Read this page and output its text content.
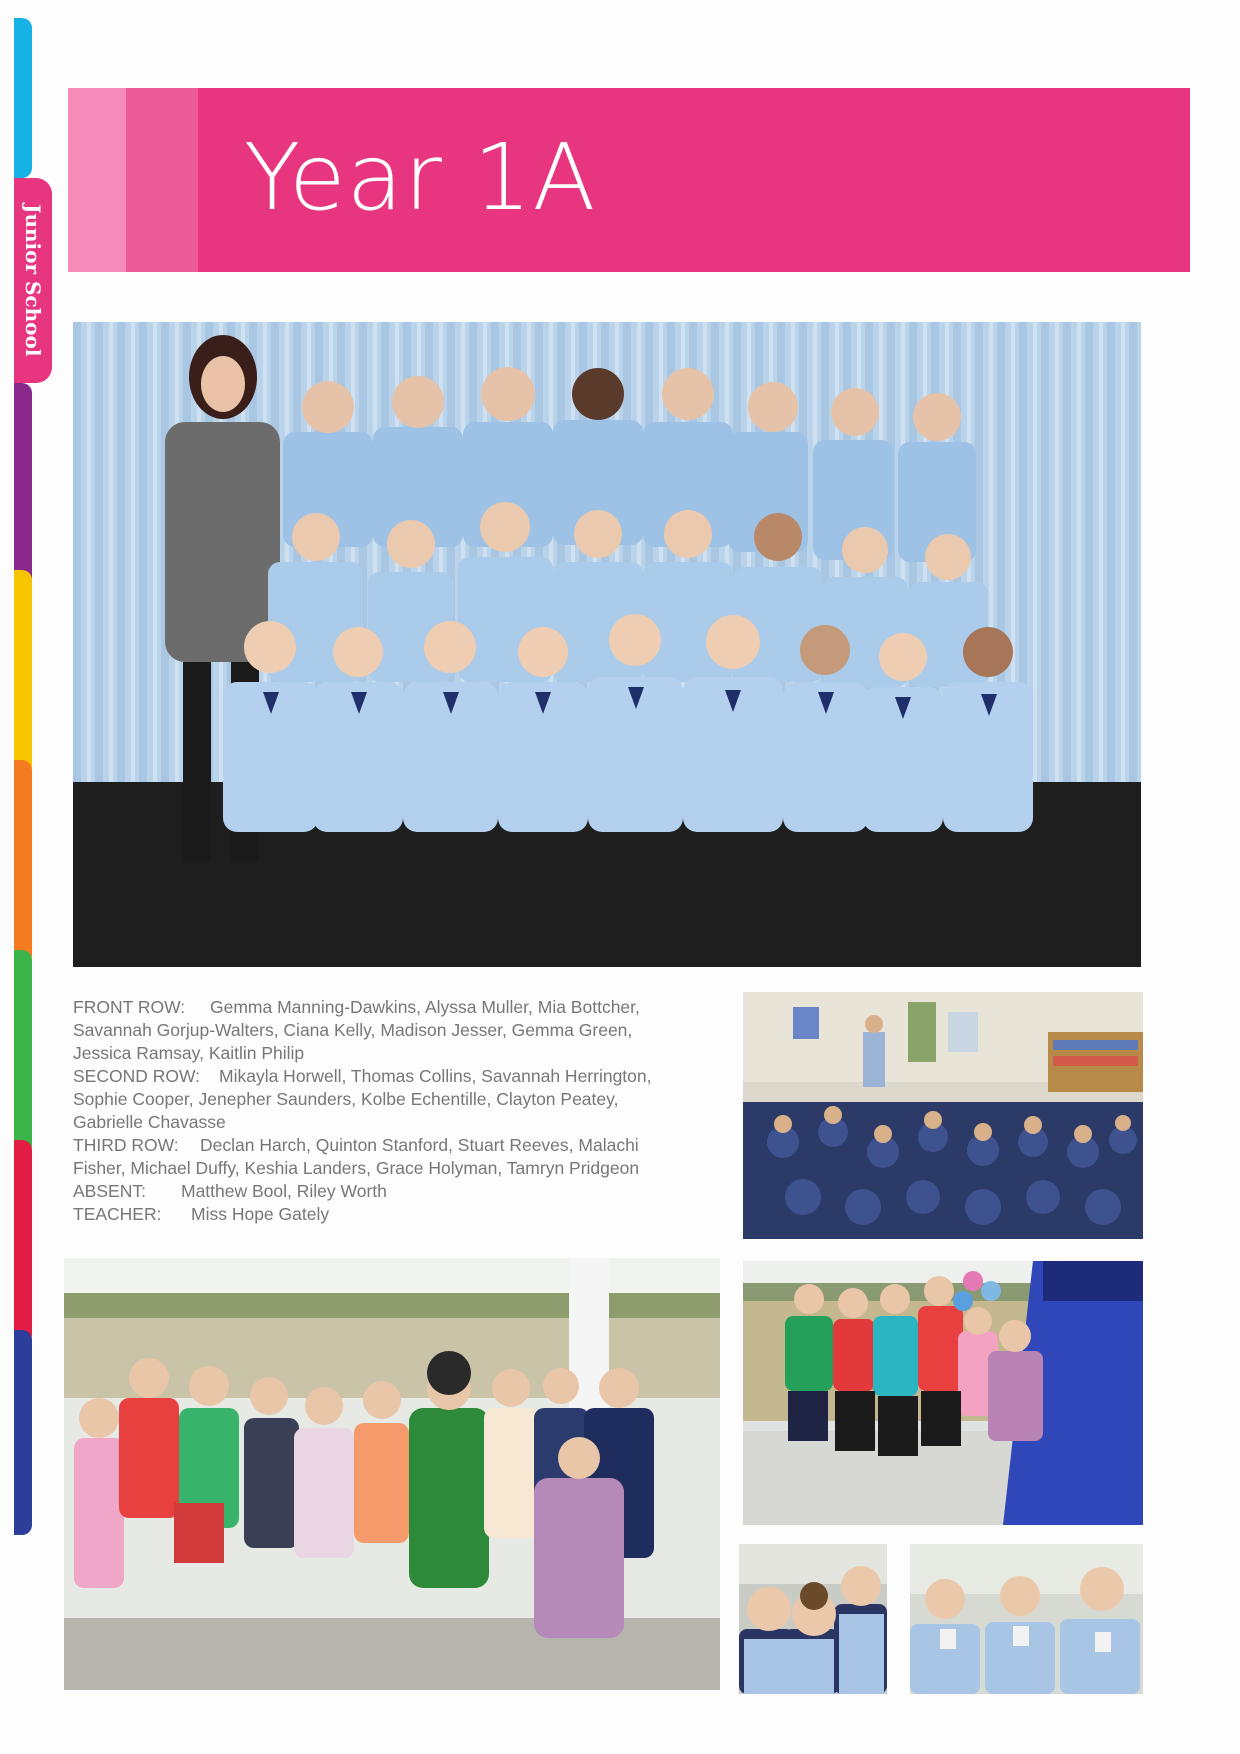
Junior School
Year 1A
FRONT ROW: Gemma Manning-Dawkins, Alyssa Muller, Mia Bottcher,
Savannah Gorjup-Walters, Ciana Kelly, Madison Jesser, Gemma Green,
Jessica Ramsay, Kaitlin Philip
SECOND ROW: Mikayla Horwell, Thomas Collins, Savannah Herrington,
Sophie Cooper, Jenepher Saunders, Kolbe Echentille, Clayton Peatey,
Gabrielle Chavasse
THIRD ROW: Declan Harch, Quinton Stanford, Stuart Reeves, Malachi
Fisher, Michael Duffy, Keshia Landers, Grace Holyman, Tamryn Pridgeon
ABSENT: Matthew Bool, Riley Worth
TEACHER: Miss Hope Gately
